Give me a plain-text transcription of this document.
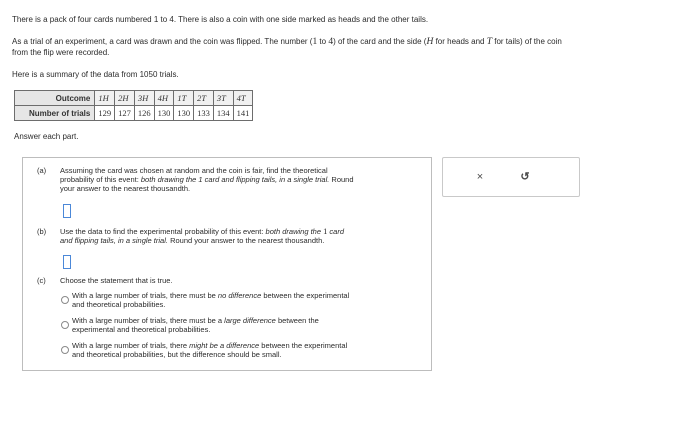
There is a pack of four cards numbered 1 to 4. There is also a coin with one side marked as heads and the other tails.
As a trial of an experiment, a card was drawn and the coin was flipped. The number (1 to 4) of the card and the side (H for heads and T for tails) of the coin
from the flip were recorded.
Here is a summary of the data from 1050 trials.
Outcome	1H	2H	3H	4H	1T	2T	3T	4T
Number of trials	129	127	126	130	130	133	134	141
Answer each part.
(a) Assuming the card was chosen at random and the coin is fair, find the theoretical
probability of this event: both drawing the 1 card and flipping tails, in a single trial. Round
your answer to the nearest thousandth.
(b) Use the data to find the experimental probability of this event: both drawing the 1 card
and flipping tails, in a single trial. Round your answer to the nearest thousandth.
(c) Choose the statement that is true.
With a large number of trials, there must be no difference between the experimental
and theoretical probabilities.
With a large number of trials, there must be a large difference between the
experimental and theoretical probabilities.
With a large number of trials, there might be a difference between the experimental
and theoretical probabilities, but the difference should be small.
×	↺
